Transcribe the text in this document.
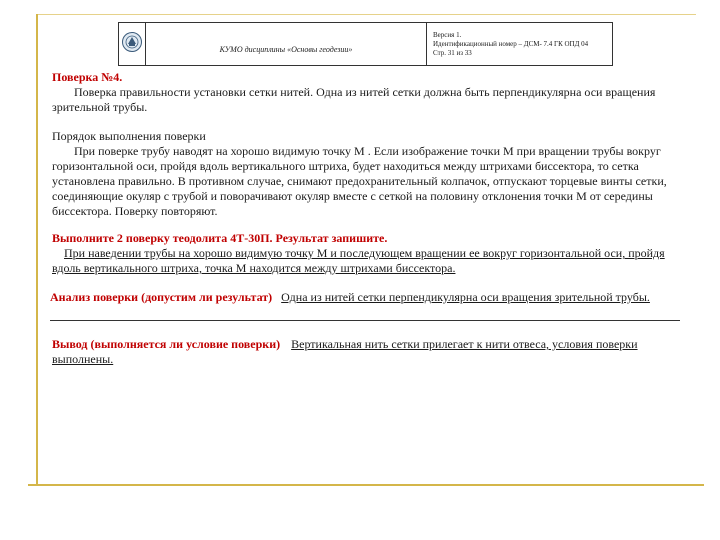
	КУМО дисциплины «Основы геодезии»	
Версия 1.
Идентификационный номер – ДСМ- 7.4 ГК ОПД 04
Стр. 31 из 33

Поверка №4.

Поверка правильности установки сетки нитей. Одна из нитей сетки должна быть перпендикулярна оси вращения зрительной трубы.

Порядок выполнения поверки

При поверке трубу наводят на хорошо видимую точку М . Если изображение точки М при вращении трубы вокруг горизонтальной оси, пройдя вдоль вертикального штриха, будет находиться между штрихами биссектора, то сетка установлена правильно. В противном случае, снимают предохранительный колпачок, отпускают торцевые винты сетки, соединяющие окуляр с трубой и поворачивают окуляр вместе с сеткой на половину отклонения точки М от середины биссектора. Поверку повторяют.

Выполните 2 поверку теодолита 4Т-30П. Результат запишите.

При наведении трубы на хорошо видимую точку М и последующем вращении ее вокруг горизонтальной оси, пройдя вдоль вертикального штриха, точка М находится между штрихами биссектора.

Анализ поверки (допустим ли результат) Одна из нитей сетки перпендикулярна оси вращения зрительной трубы.
Вывод (выполняется ли условие поверки) Вертикальная нить сетки прилегает к нити отвеса, условия поверки выполнены.
